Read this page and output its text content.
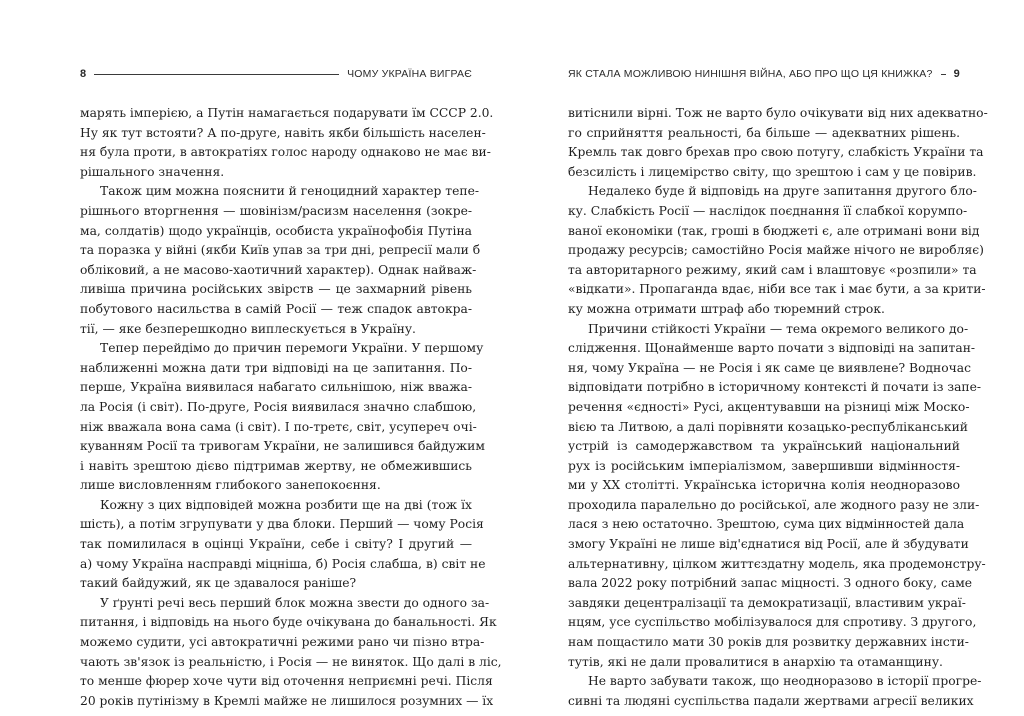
8	ЧОМУ УКРАЇНА ВИГРАЄ
марять імперією, а Путін намагається подарувати їм СССР 2.0.
Ну як тут встояти? А по-друге, навіть якби більшість населен-
ня була проти, в автократіях голос народу однаково не має ви-
рішального значення.
Також цим можна пояснити й геноцидний характер тепе-
рішнього вторгнення — шовінізм/расизм населення (зокре-
ма, солдатів) щодо українців, особиста українофобія Путіна
та поразка у війні (якби Київ упав за три дні, репресії мали б
обліковий, а не масово-хаотичний характер). Однак найваж-
ливіша причина російських звірств — це захмарний рівень
побутового насильства в самій Росії — теж спадок автокра-
тії, — яке безперешкодно виплескується в Україну.
Тепер перейдімо до причин перемоги України. У першому
наближенні можна дати три відповіді на це запитання. По-
перше, Україна виявилася набагато сильнішою, ніж вважа-
ла Росія (і світ). По-друге, Росія виявилася значно слабшою,
ніж вважала вона сама (і світ). І по-третє, світ, усупереч очі-
куванням Росії та тривогам України, не залишився байдужим
і навіть зрештою дієво підтримав жертву, не обмежившись
лише висловленням глибокого занепокоєння.
Кожну з цих відповідей можна розбити ще на дві (тож їх
шість), а потім згрупувати у два блоки. Перший — чому Росія
так помилилася в оцінці України, себе і світу? І другий —
а) чому Україна насправді міцніша, б) Росія слабша, в) світ не
такий байдужий, як це здавалося раніше?
У ґрунті речі весь перший блок можна звести до одного за-
питання, і відповідь на нього буде очікувана до банальності. Як
можемо судити, усі автократичні режими рано чи пізно втра-
чають зв'язок із реальністю, і Росія — не виняток. Що далі в ліс,
то менше фюрер хоче чути від оточення неприємні речі. Після
20 років путінізму в Кремлі майже не лишилося розумних — їх
ЯК СТАЛА МОЖЛИВОЮ НИНІШНЯ ВІЙНА, АБО ПРО ЩО ЦЯ КНИЖКА? 9
витіснили вірні. Тож не варто було очікувати від них адекватно-
го сприйняття реальності, ба більше — адекватних рішень.
Кремль так довго брехав про свою потугу, слабкість України та
безсилість і лицемірство світу, що зрештою і сам у це повірив.
Недалеко буде й відповідь на друге запитання другого бло-
ку. Слабкість Росії — наслідок поєднання її слабкої корумпо-
ваної економіки (так, гроші в бюджеті є, але отримані вони від
продажу ресурсів; самостійно Росія майже нічого не виробляє)
та авторитарного режиму, який сам і влаштовує «розпили» та
«відкати». Пропаганда вдає, ніби все так і має бути, а за крити-
ку можна отримати штраф або тюремний строк.
Причини стійкості України — тема окремого великого до-
слідження. Щонайменше варто почати з відповіді на запитан-
ня, чому Україна — не Росія і як саме це виявлене? Водночас
відповідати потрібно в історичному контексті й почати із запе-
речення «єдності» Русі, акцентувавши на різниці між Моско-
вією та Литвою, а далі порівняти козацько-республіканський
устрій із самодержавством та український національний
рух із російським імперіалізмом, завершивши відмінностя-
ми у XX столітті. Українська історична колія неодноразово
проходила паралельно до російської, але жодного разу не зли-
лася з нею остаточно. Зрештою, сума цих відмінностей дала
змогу Україні не лише від'єднатися від Росії, але й збудувати
альтернативну, цілком життєздатну модель, яка продемонстру-
вала 2022 року потрібний запас міцності. З одного боку, саме
завдяки децентралізації та демократизації, властивим украї-
нцям, усе суспільство мобілізувалося для спротиву. З другого,
нам пощастило мати 30 років для розвитку державних інсти-
тутів, які не дали провалитися в анархію та отаманщину.
Не варто забувати також, що неодноразово в історії прогре-
сивні та людяні суспільства падали жертвами агресії великих
